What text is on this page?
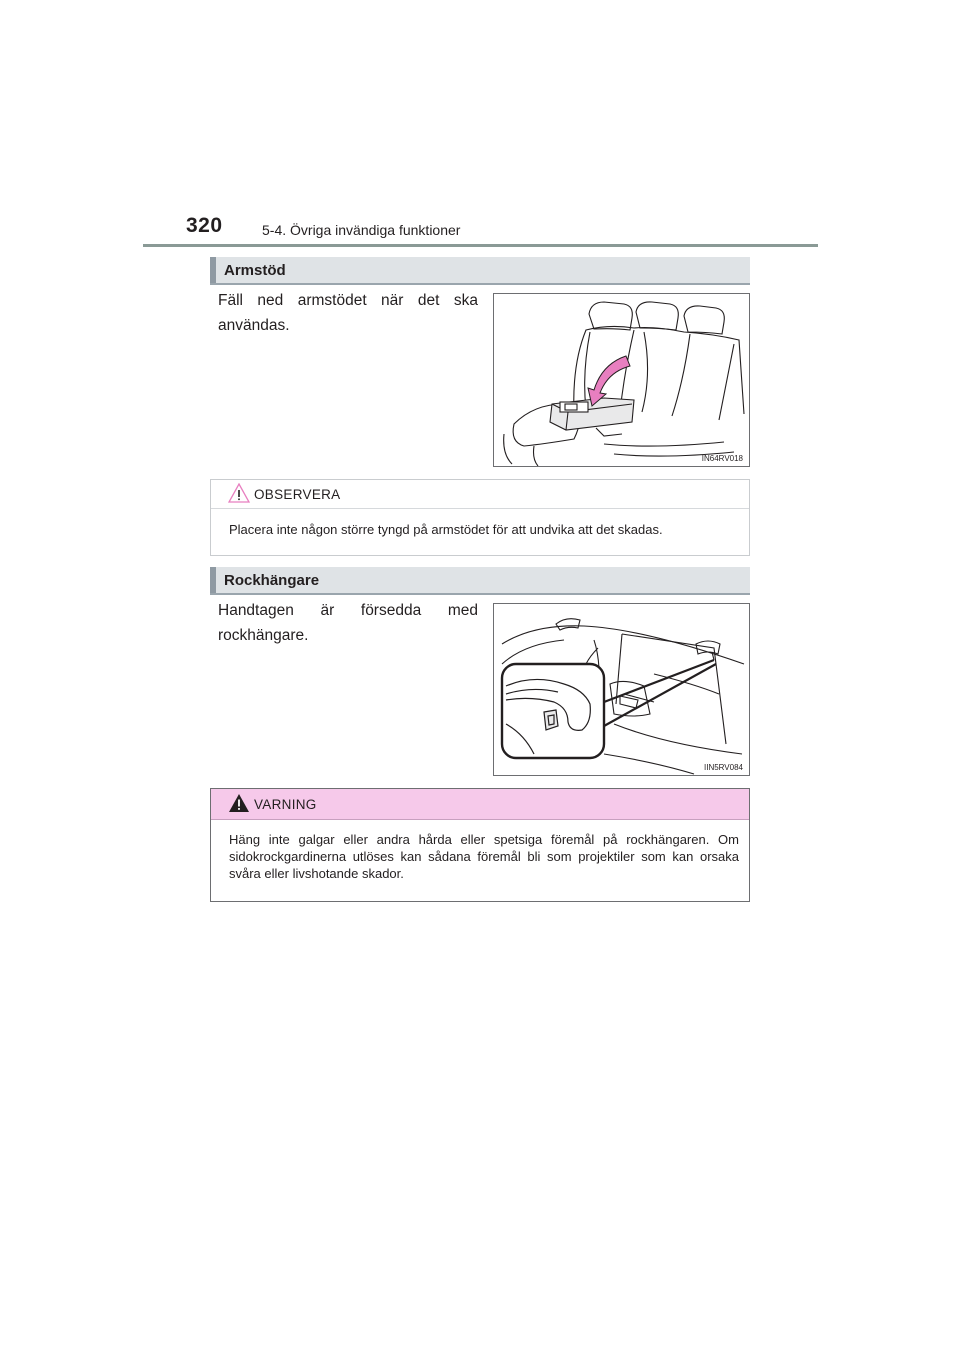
320	5-4. Övriga invändiga funktioner
Armstöd
Fäll ned armstödet när det ska användas.
IN64RV018
OBSERVERA
Placera inte någon större tyngd på armstödet för att undvika att det skadas.
Rockhängare
Handtagen är försedda med rockhängare.
IIN5RV084
VARNING

Häng inte galgar eller andra hårda eller spetsiga föremål på rockhängaren. Om sidokrockgardinerna utlöses kan sådana föremål bli som projektiler som kan orsaka svåra eller livshotande skador.
